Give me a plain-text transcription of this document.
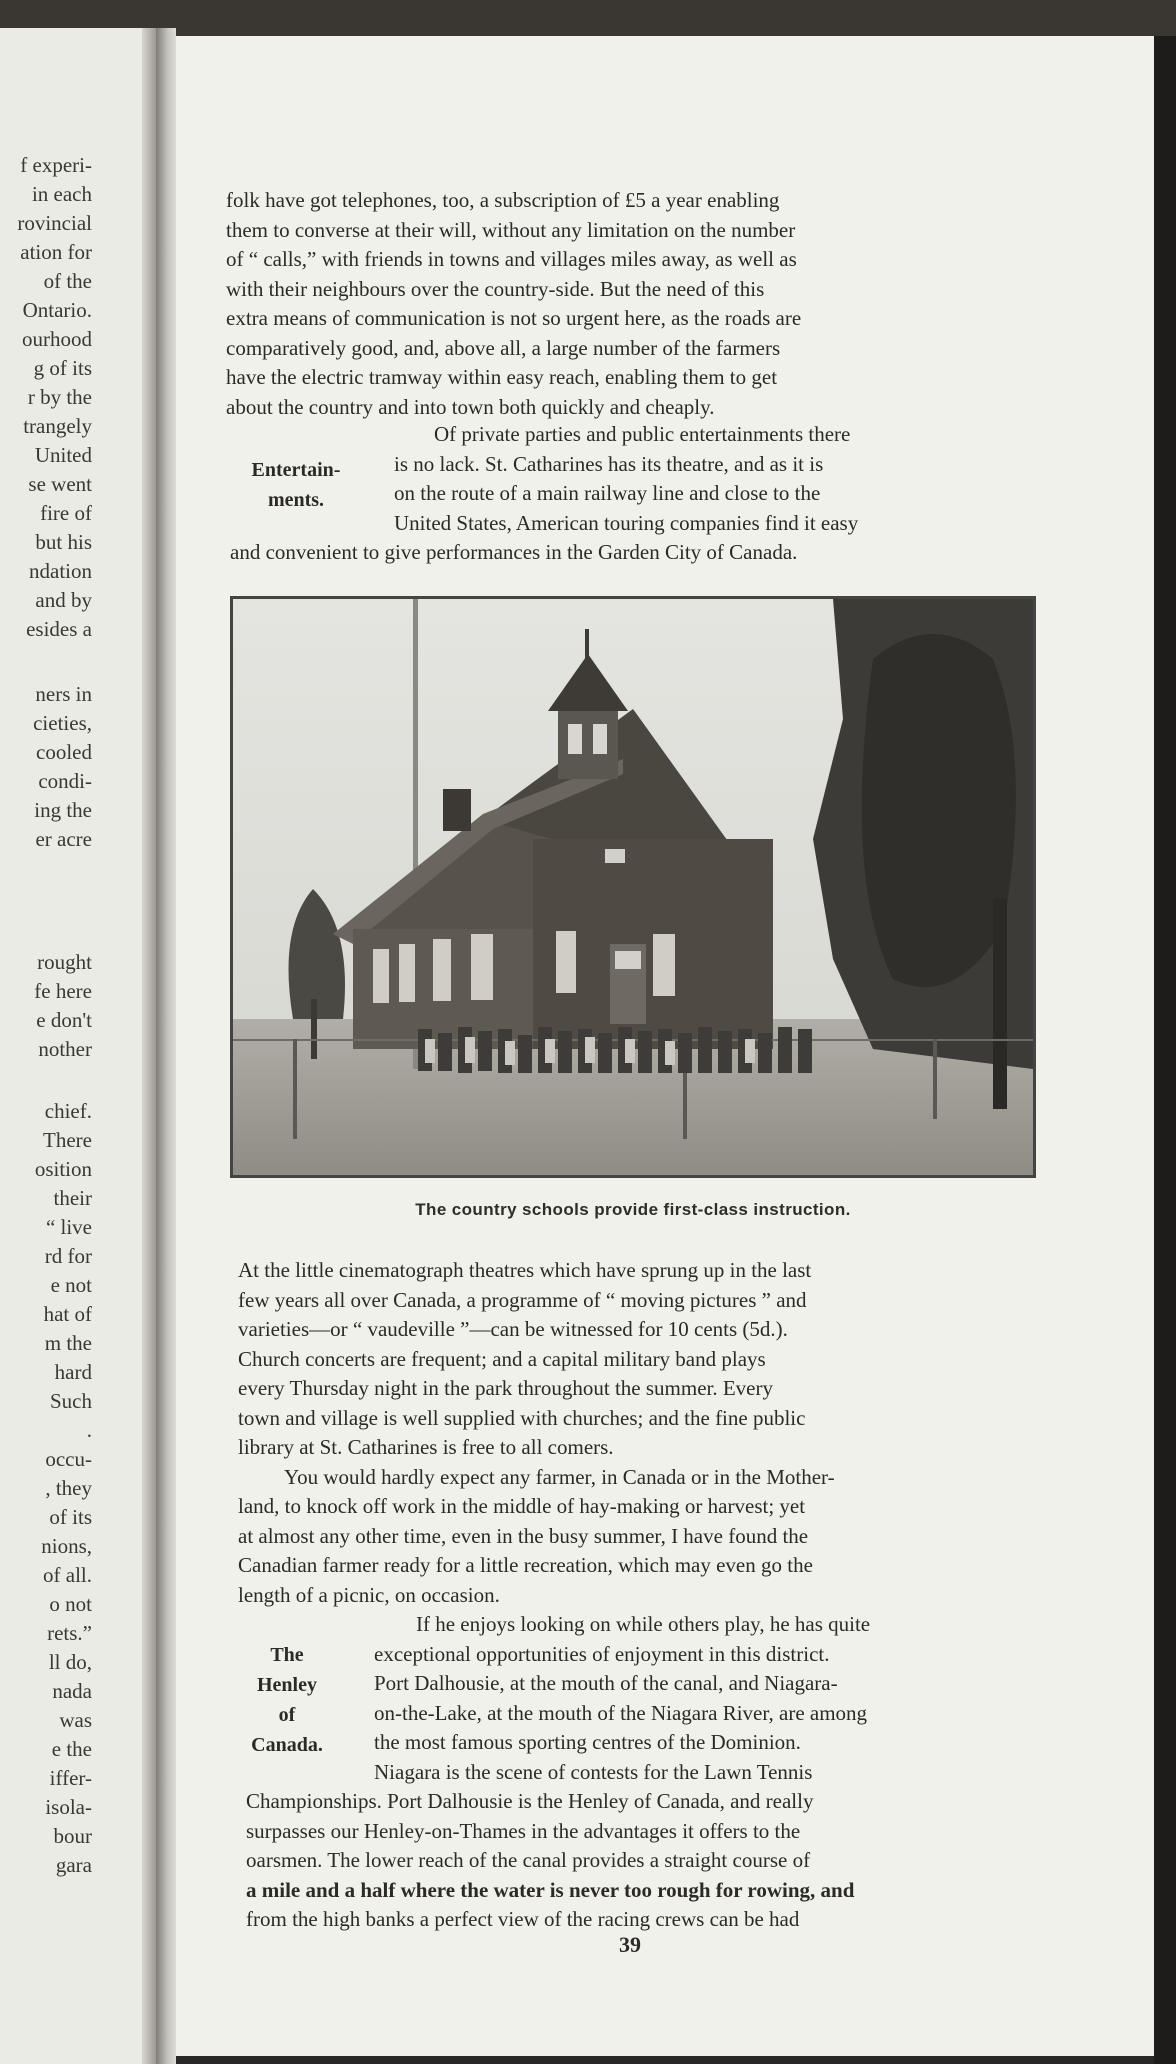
f experi-
in each
rovincial
ation for
of the
Ontario.
ourhood
g of its
r by the
trangely
United
se went
fire of
but his
ndation
and by
esides a
ners in
cieties,
cooled
condi-
ing the
er acre
rought
fe here
e don't
nother
chief.
There
osition
their
“ live
rd for
e not
hat of
m the
hard
Such
.
occu-
, they
of its
nions,
of all.
o not
rets.”
ll do,
nada
was
e the
iffer-
isola-
bour
gara
folk have got telephones, too, a subscription of £5 a year enabling
them to converse at their will, without any limitation on the number
of “ calls,” with friends in towns and villages miles away, as well as
with their neighbours over the country-side. But the need of this
extra means of communication is not so urgent here, as the roads are
comparatively good, and, above all, a large number of the farmers
have the electric tramway within easy reach, enabling them to get
about the country and into town both quickly and cheaply.
Entertain-
ments.
Of private parties and public entertainments there
is no lack. St. Catharines has its theatre, and as it is
on the route of a main railway line and close to the
United States, American touring companies find it easy
and convenient to give performances in the Garden City of Canada.
The country schools provide first-class instruction.
At the little cinematograph theatres which have sprung up in the last
few years all over Canada, a programme of “ moving pictures ” and
varieties—or “ vaudeville ”—can be witnessed for 10 cents (5d.).
Church concerts are frequent; and a capital military band plays
every Thursday night in the park throughout the summer. Every
town and village is well supplied with churches; and the fine public
library at St. Catharines is free to all comers.
You would hardly expect any farmer, in Canada or in the Mother-
land, to knock off work in the middle of hay-making or harvest; yet
at almost any other time, even in the busy summer, I have found the
Canadian farmer ready for a little recreation, which may even go the
length of a picnic, on occasion.
The
Henley
of
Canada.
If he enjoys looking on while others play, he has quite
exceptional opportunities of enjoyment in this district.
Port Dalhousie, at the mouth of the canal, and Niagara-
on-the-Lake, at the mouth of the Niagara River, are among
the most famous sporting centres of the Dominion.
Niagara is the scene of contests for the Lawn Tennis
Championships. Port Dalhousie is the Henley of Canada, and really
surpasses our Henley-on-Thames in the advantages it offers to the
oarsmen. The lower reach of the canal provides a straight course of
a mile and a half where the water is never too rough for rowing, and
from the high banks a perfect view of the racing crews can be had
39
